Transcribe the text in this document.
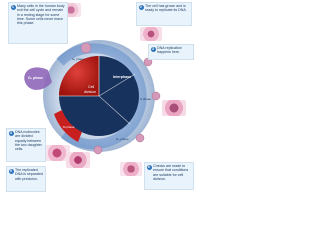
Cell
division
Interphase
G₀ phase
G₁ phase
S phase
G₂ phase
M phase
1 Many cells in the human body exit the cell cycle and remain in a resting stage for some time. Some cells never leave this phase.
2 The cell has grown and is ready to replicate its DNA.
3 DNA replication happens here.
4 DNA molecules are divided equally between the two daughter cells.
5 The replicated DNA is separated with precision.
6 Checks are made to ensure that conditions are suitable for cell division.
